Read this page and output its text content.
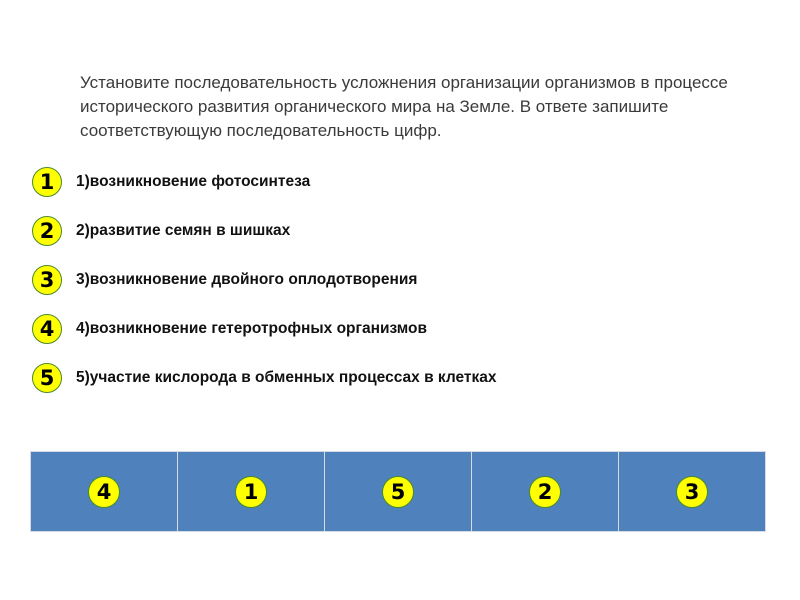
Установите последовательность усложнения организации организмов в процессе исторического развития органического мира на Земле. В ответе запишите соответствующую последовательность цифр.

1	1)возникновение фотосинтеза
2	2)развитие семян в шишках
3	3)возникновение двойного оплодотворения
4	4)возникновение гетеротрофных организмов
5	5)участие кислорода в обменных процессах в клетках
4	1	5	2	3
